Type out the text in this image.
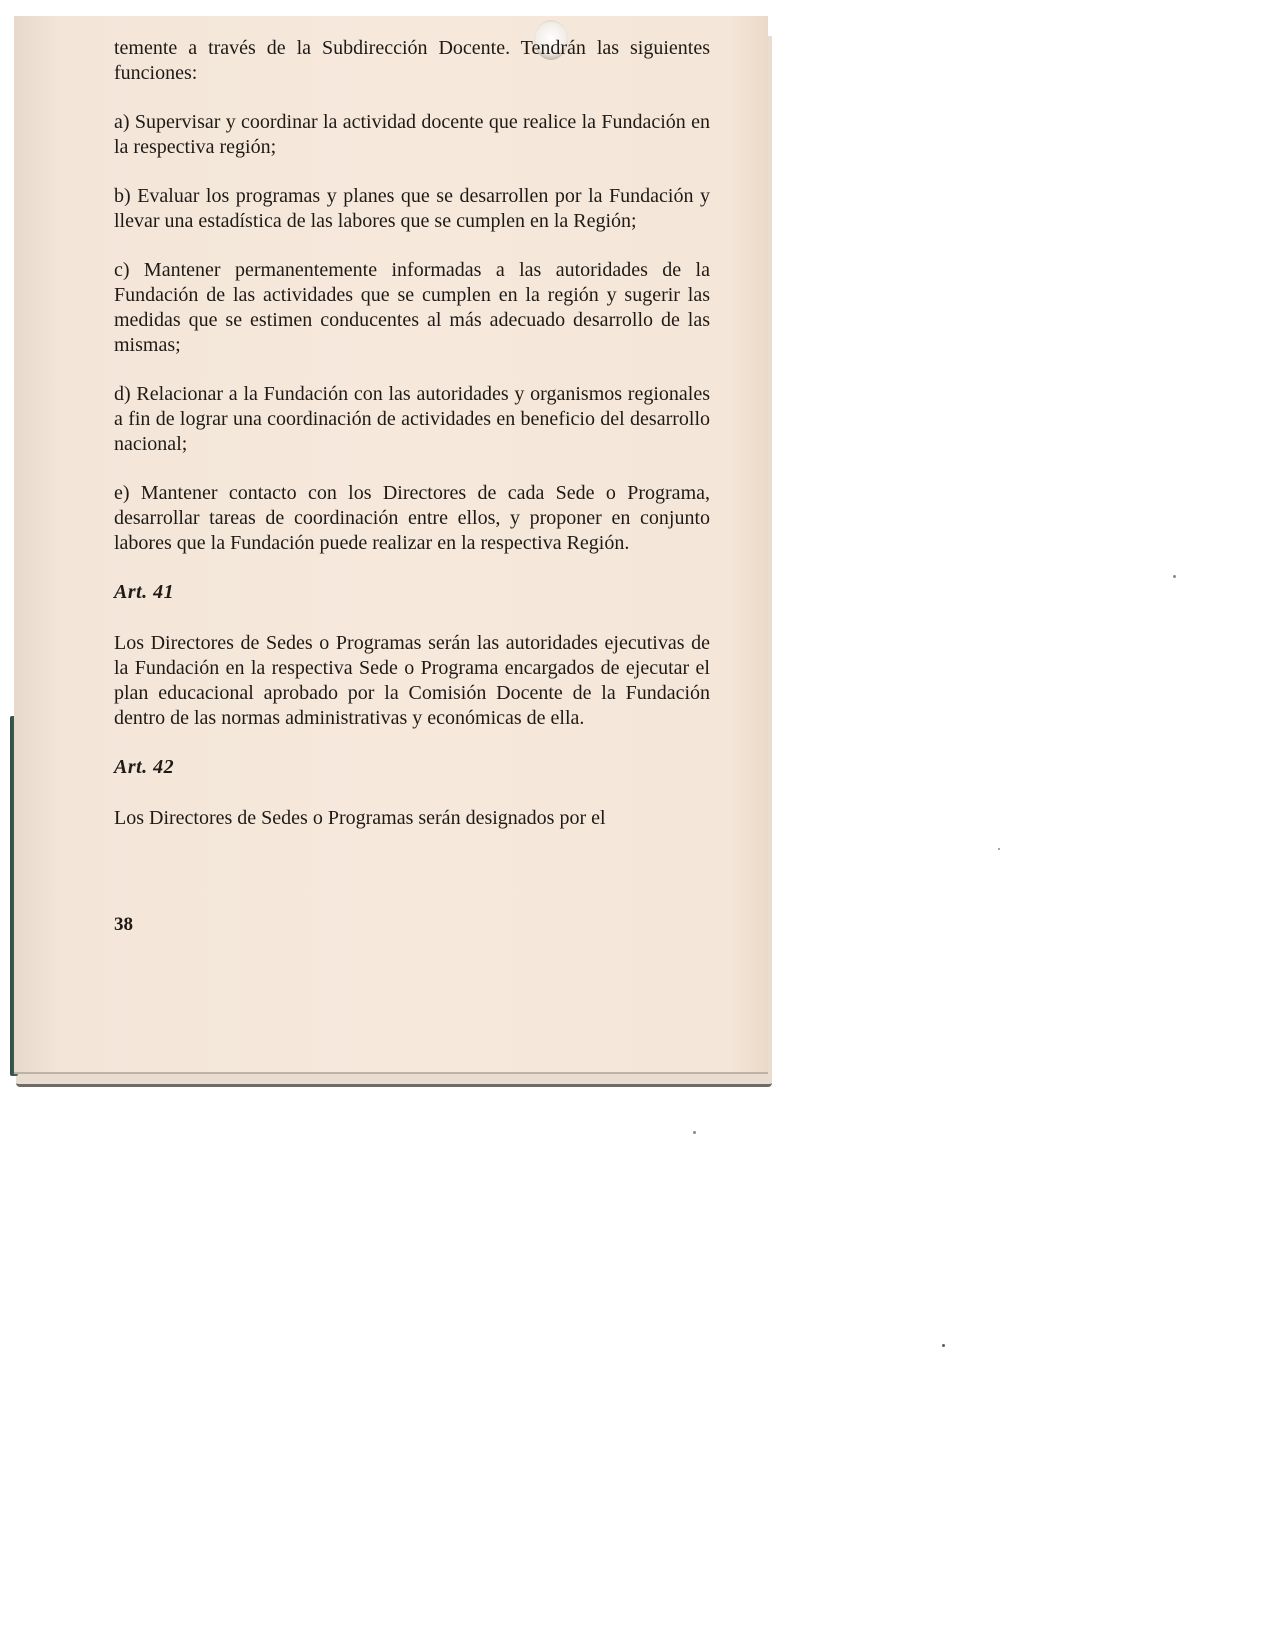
temente a través de la Subdirección Docente. Tendrán las siguientes funciones:

a) Supervisar y coordinar la actividad docente que realice la Fundación en la respectiva región;

b) Evaluar los programas y planes que se desarrollen por la Fundación y llevar una estadística de las labores que se cumplen en la Región;

c) Mantener permanentemente informadas a las autoridades de la Fundación de las actividades que se cumplen en la región y sugerir las medidas que se estimen conducentes al más adecuado desarrollo de las mismas;

d) Relacionar a la Fundación con las autoridades y organismos regionales a fin de lograr una coordinación de actividades en beneficio del desarrollo nacional;

e) Mantener contacto con los Directores de cada Sede o Programa, desarrollar tareas de coordinación entre ellos, y proponer en conjunto labores que la Fundación puede realizar en la respectiva Región.

Art. 41

Los Directores de Sedes o Programas serán las autoridades ejecutivas de la Fundación en la respectiva Sede o Programa encargados de ejecutar el plan educacional aprobado por la Comisión Docente de la Fundación dentro de las normas administrativas y económicas de ella.

Art. 42

Los Directores de Sedes o Programas serán designados por el

38
